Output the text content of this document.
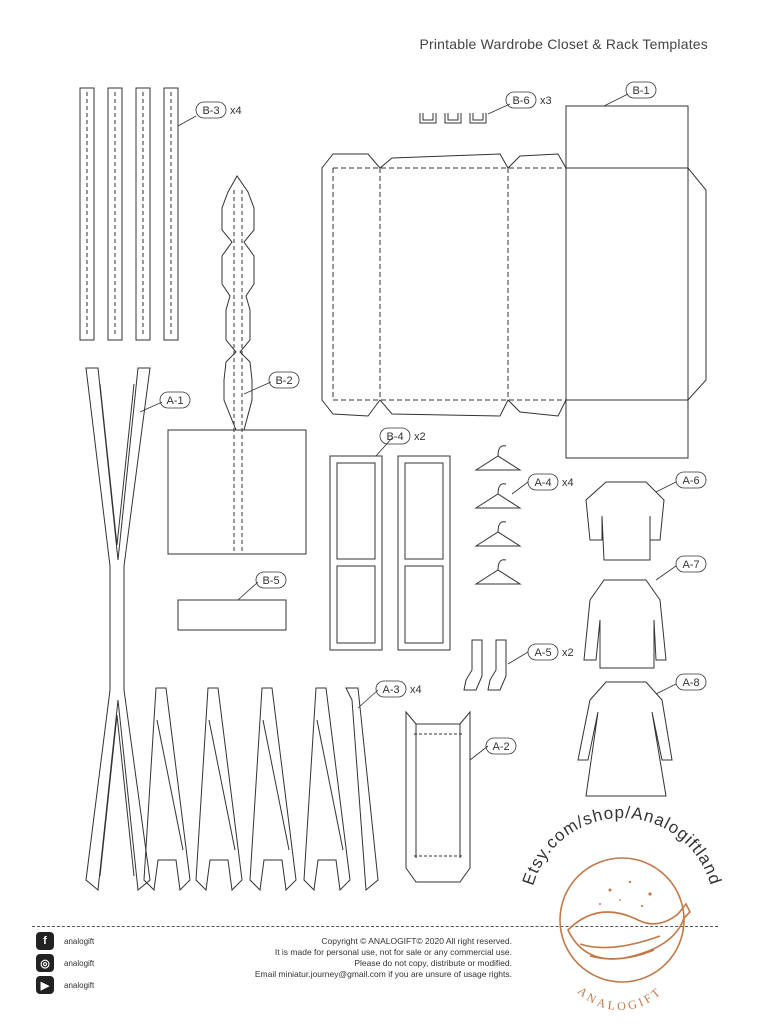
Printable Wardrobe Closet & Rack Templates
B-3 x4
B-6 x3
B-1
B-2
A-1
B-4 x2
B-5
A-4 x4	A-6
A-7
A-8
A-5 x2
A-3 x4
A-2
f	analogift
◎	analogift
▶	analogift
Copyright © ANALOGIFT© 2020 All right reserved.
It is made for personal use, not for sale or any commercial use.
Please do not copy, distribute or modified.
Email miniatur.journey@gmail.com if you are unsure of usage rights.
Etsy.com/shop/Analogiftland
ANALOGIFT
